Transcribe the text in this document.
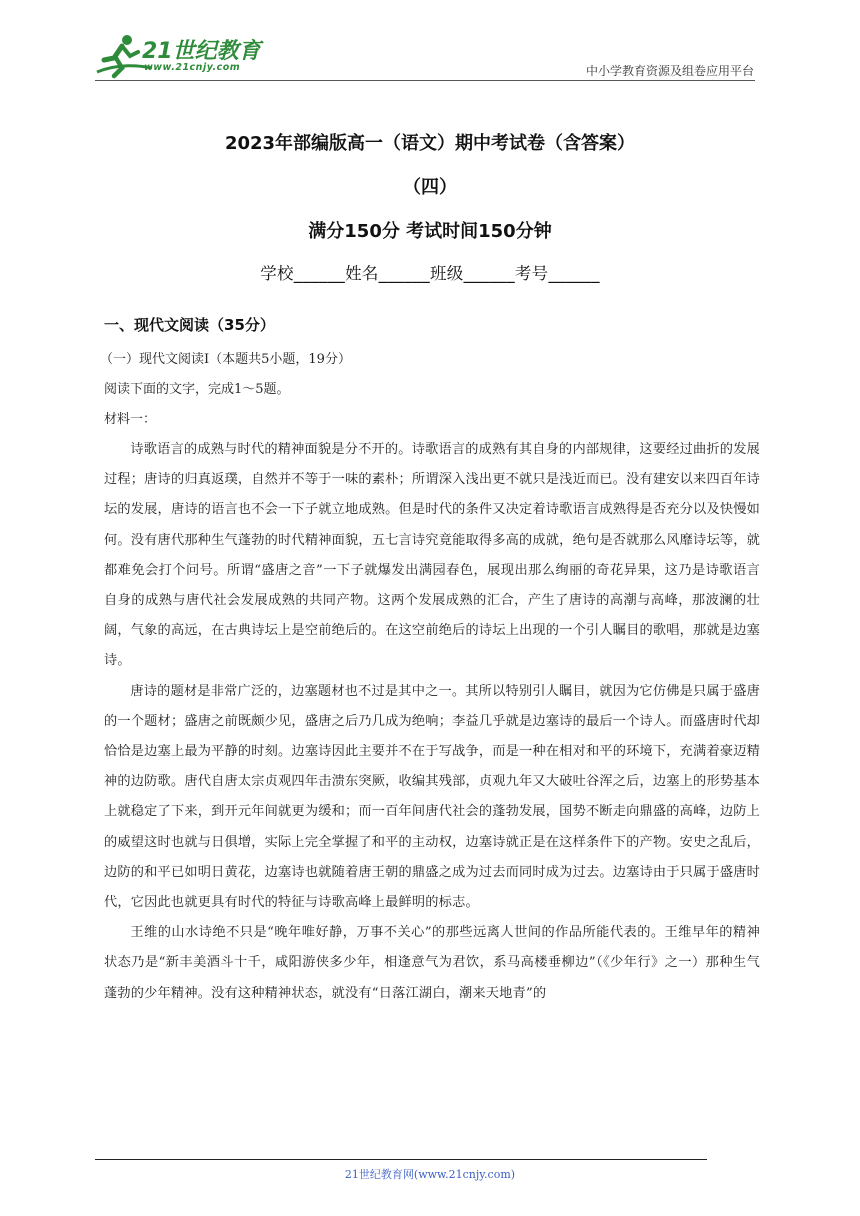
21世纪教育
www.21cnjy.com	中小学教育资源及组卷应用平台
2023年部编版高一（语文）期中考试卷（含答案）
（四）
满分150分 考试时间150分钟
学校______姓名______班级______考号______
一、现代文阅读（35分）

（一）现代文阅读Ⅰ（本题共5小题，19分）

阅读下面的文字，完成1～5题。

材料一：

诗歌语言的成熟与时代的精神面貌是分不开的。诗歌语言的成熟有其自身的内部规律，这要经过曲折的发展过程；唐诗的归真返璞，自然并不等于一味的素朴；所谓深入浅出更不就只是浅近而已。没有建安以来四百年诗坛的发展，唐诗的语言也不会一下子就立地成熟。但是时代的条件又决定着诗歌语言成熟得是否充分以及快慢如何。没有唐代那种生气蓬勃的时代精神面貌，五七言诗究竟能取得多高的成就，绝句是否就那么风靡诗坛等，就都难免会打个问号。所谓“盛唐之音”一下子就爆发出满园春色，展现出那么绚丽的奇花异果，这乃是诗歌语言自身的成熟与唐代社会发展成熟的共同产物。这两个发展成熟的汇合，产生了唐诗的高潮与高峰，那波澜的壮阔，气象的高远，在古典诗坛上是空前绝后的。在这空前绝后的诗坛上出现的一个引人瞩目的歌唱，那就是边塞诗。

唐诗的题材是非常广泛的，边塞题材也不过是其中之一。其所以特别引人瞩目，就因为它仿佛是只属于盛唐的一个题材；盛唐之前既颇少见，盛唐之后乃几成为绝响；李益几乎就是边塞诗的最后一个诗人。而盛唐时代却恰恰是边塞上最为平静的时刻。边塞诗因此主要并不在于写战争，而是一种在相对和平的环境下，充满着豪迈精神的边防歌。唐代自唐太宗贞观四年击溃东突厥，收编其残部，贞观九年又大破吐谷浑之后，边塞上的形势基本上就稳定了下来，到开元年间就更为缓和；而一百年间唐代社会的蓬勃发展，国势不断走向鼎盛的高峰，边防上的威望这时也就与日俱增，实际上完全掌握了和平的主动权，边塞诗就正是在这样条件下的产物。安史之乱后，边防的和平已如明日黄花，边塞诗也就随着唐王朝的鼎盛之成为过去而同时成为过去。边塞诗由于只属于盛唐时代，它因此也就更具有时代的特征与诗歌高峰上最鲜明的标志。

王维的山水诗绝不只是“晚年唯好静，万事不关心”的那些远离人世间的作品所能代表的。王维早年的精神状态乃是“新丰美酒斗十千，咸阳游侠多少年，相逢意气为君饮，系马高楼垂柳边”（《少年行》之一）那种生气蓬勃的少年精神。没有这种精神状态，就没有“日落江湖白，潮来天地青”的

21世纪教育网(www.21cnjy.com)
